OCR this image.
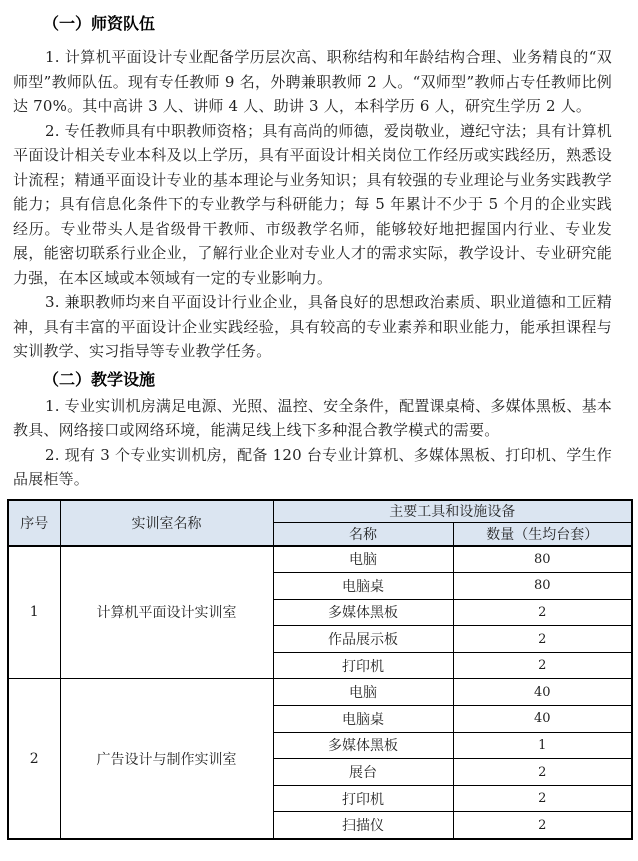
（一）师资队伍

1. 计算机平面设计专业配备学历层次高、职称结构和年龄结构合理、业务精良的“双师型”教师队伍。现有专任教师 9 名，外聘兼职教师 2 人。“双师型”教师占专任教师比例达 70%。其中高讲 3 人、讲师 4 人、助讲 3 人，本科学历 6 人，研究生学历 2 人。

2. 专任教师具有中职教师资格；具有高尚的师德，爱岗敬业，遵纪守法；具有计算机平面设计相关专业本科及以上学历，具有平面设计相关岗位工作经历或实践经历，熟悉设计流程；精通平面设计专业的基本理论与业务知识；具有较强的专业理论与业务实践教学能力；具有信息化条件下的专业教学与科研能力；每 5 年累计不少于 5 个月的企业实践经历。专业带头人是省级骨干教师、市级教学名师，能够较好地把握国内行业、专业发展，能密切联系行业企业，了解行业企业对专业人才的需求实际，教学设计、专业研究能力强，在本区域或本领域有一定的专业影响力。

3. 兼职教师均来自平面设计行业企业，具备良好的思想政治素质、职业道德和工匠精神，具有丰富的平面设计企业实践经验，具有较高的专业素养和职业能力，能承担课程与实训教学、实习指导等专业教学任务。

（二）教学设施

1. 专业实训机房满足电源、光照、温控、安全条件，配置课桌椅、多媒体黑板、基本教具、网络接口或网络环境，能满足线上线下多种混合教学模式的需要。

2. 现有 3 个专业实训机房，配备 120 台专业计算机、多媒体黑板、打印机、学生作品展柜等。

序号	实训室名称	主要工具和设施设备	
		名称	数量（生均台套）
1	计算机平面设计实训室	电脑	80
		电脑桌	80
		多媒体黑板	2
		作品展示板	2
		打印机	2
2	广告设计与制作实训室	电脑	40
		电脑桌	40
		多媒体黑板	1
		展台	2
		打印机	2
		扫描仪	2
